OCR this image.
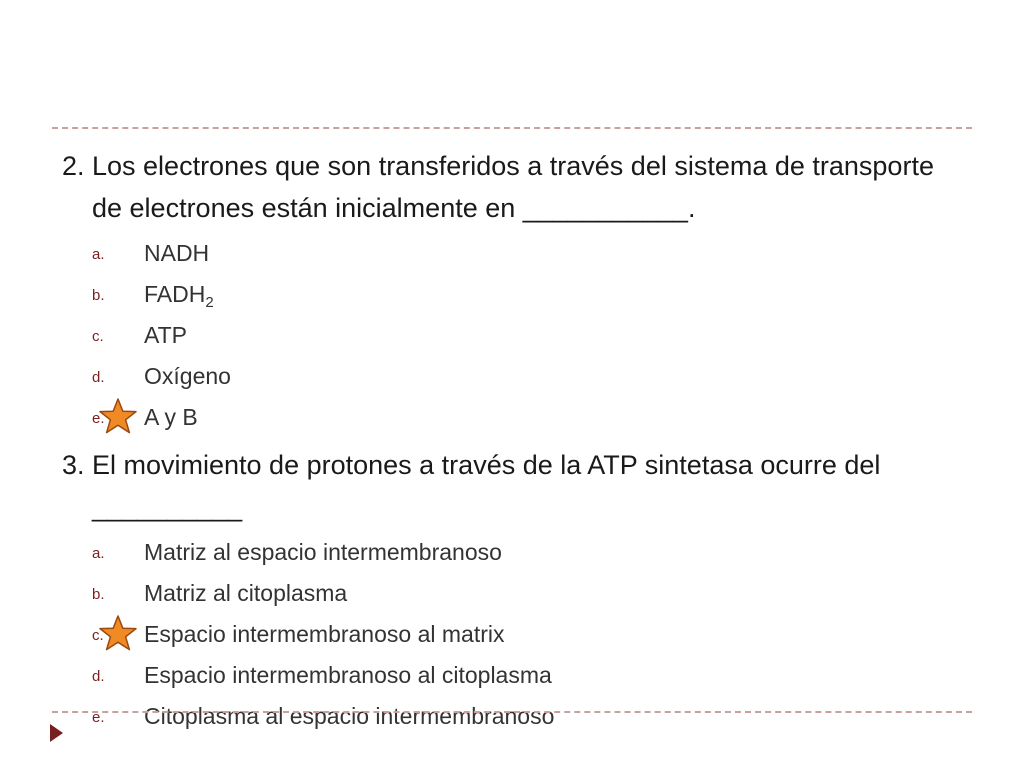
2. Los electrones que son transferidos a través del sistema de transporte de electrones están inicialmente en ___________.
a. NADH
b. $FADH_2$
c. ATP
d. Oxígeno
e. A y B
3. El movimiento de protones a través de la ATP sintetasa ocurre del __________
a. Matriz al espacio intermembranoso
b. Matriz al citoplasma
c. Espacio intermembranoso al matrix
d. Espacio intermembranoso al citoplasma
e. Citoplasma al espacio intermembranoso
